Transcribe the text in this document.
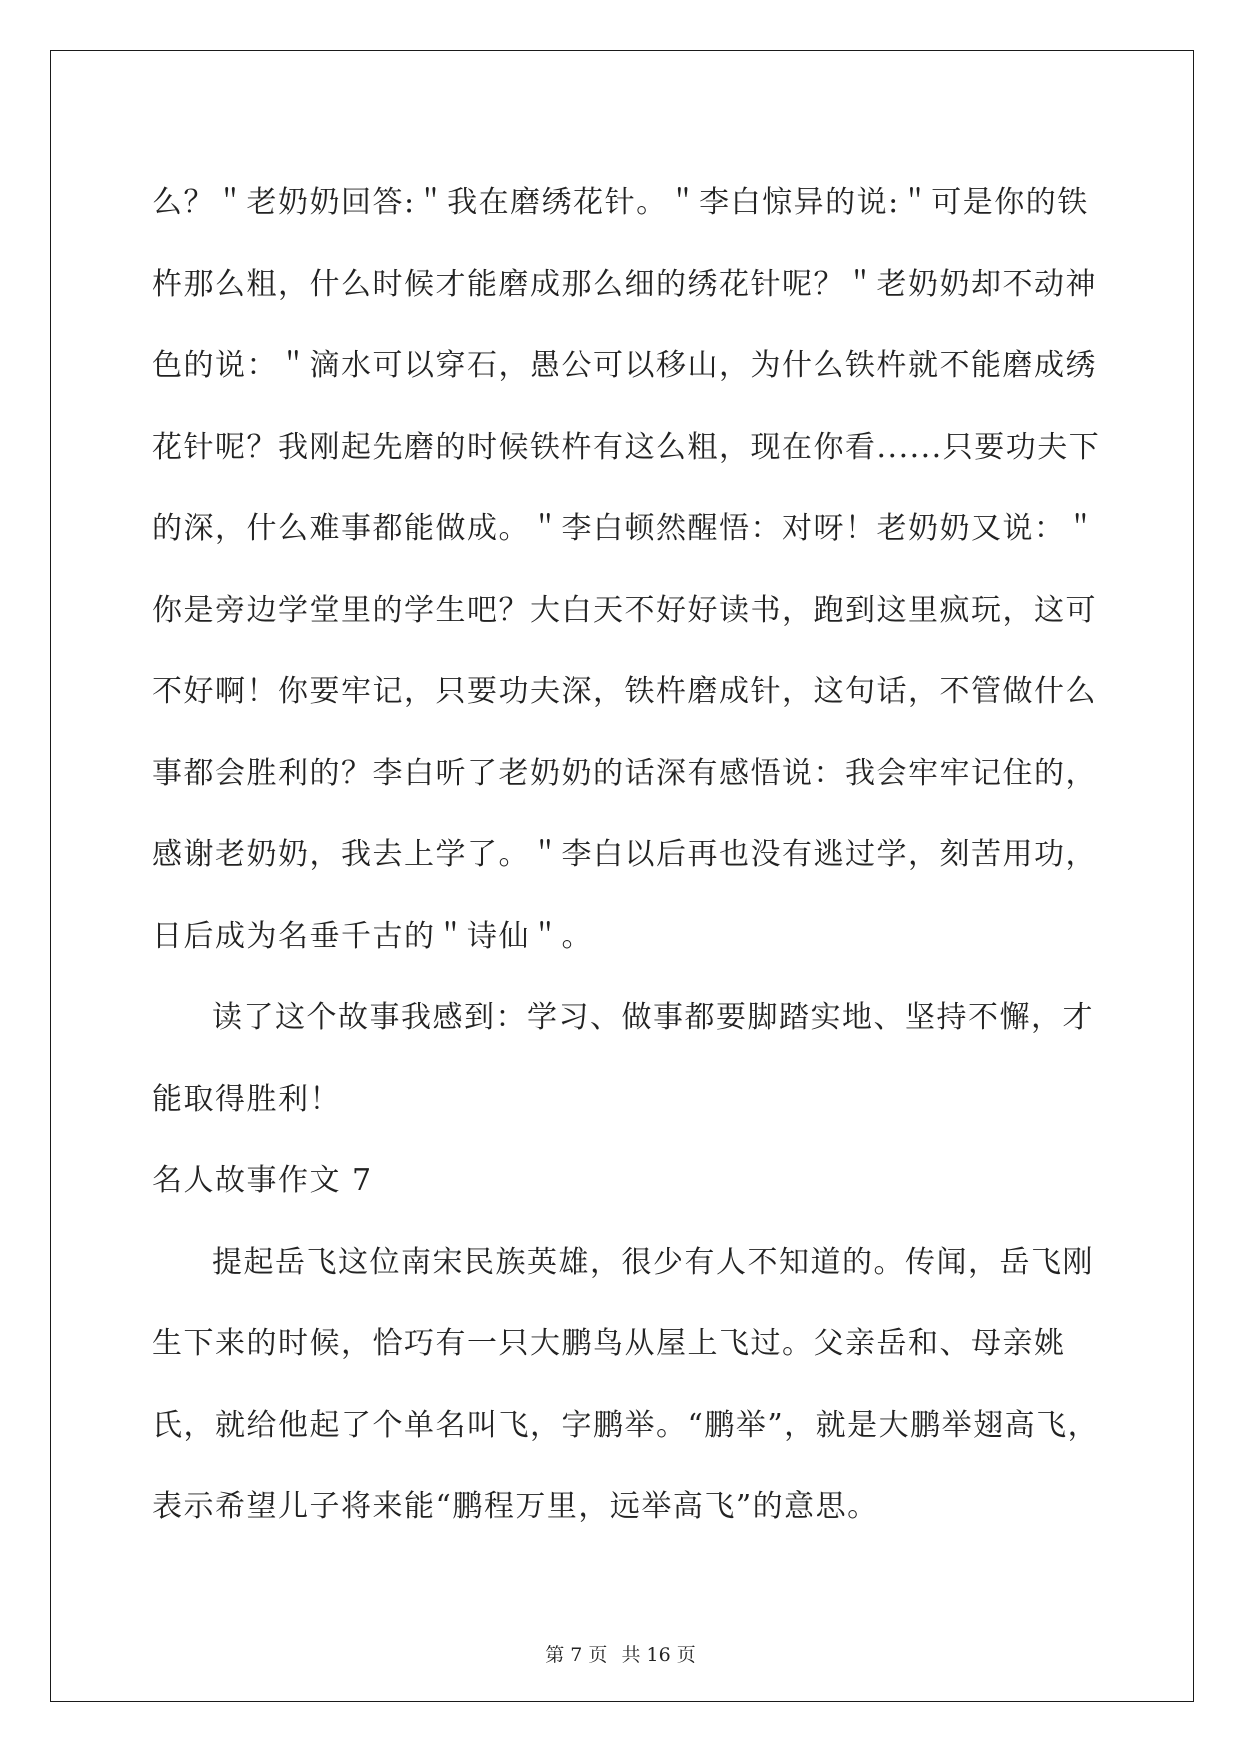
么？＂老奶奶回答:＂我在磨绣花针。＂李白惊异的说:＂可是你的铁杵那么粗，什么时候才能磨成那么细的绣花针呢？＂老奶奶却不动神色的说：＂滴水可以穿石，愚公可以移山，为什么铁杵就不能磨成绣花针呢？我刚起先磨的时候铁杵有这么粗，现在你看......只要功夫下的深，什么难事都能做成。＂李白顿然醒悟：对呀！老奶奶又说：＂你是旁边学堂里的学生吧？大白天不好好读书，跑到这里疯玩，这可不好啊！你要牢记，只要功夫深，铁杵磨成针，这句话，不管做什么事都会胜利的？李白听了老奶奶的话深有感悟说：我会牢牢记住的，感谢老奶奶，我去上学了。＂李白以后再也没有逃过学，刻苦用功，日后成为名垂千古的＂诗仙＂。

读了这个故事我感到：学习、做事都要脚踏实地、坚持不懈，才能取得胜利！

名人故事作文 7

提起岳飞这位南宋民族英雄，很少有人不知道的。传闻，岳飞刚生下来的时候，恰巧有一只大鹏鸟从屋上飞过。父亲岳和、母亲姚氏，就给他起了个单名叫飞，字鹏举。“鹏举”，就是大鹏举翅高飞，表示希望儿子将来能“鹏程万里，远举高飞”的意思。

第 7 页 共 16 页
